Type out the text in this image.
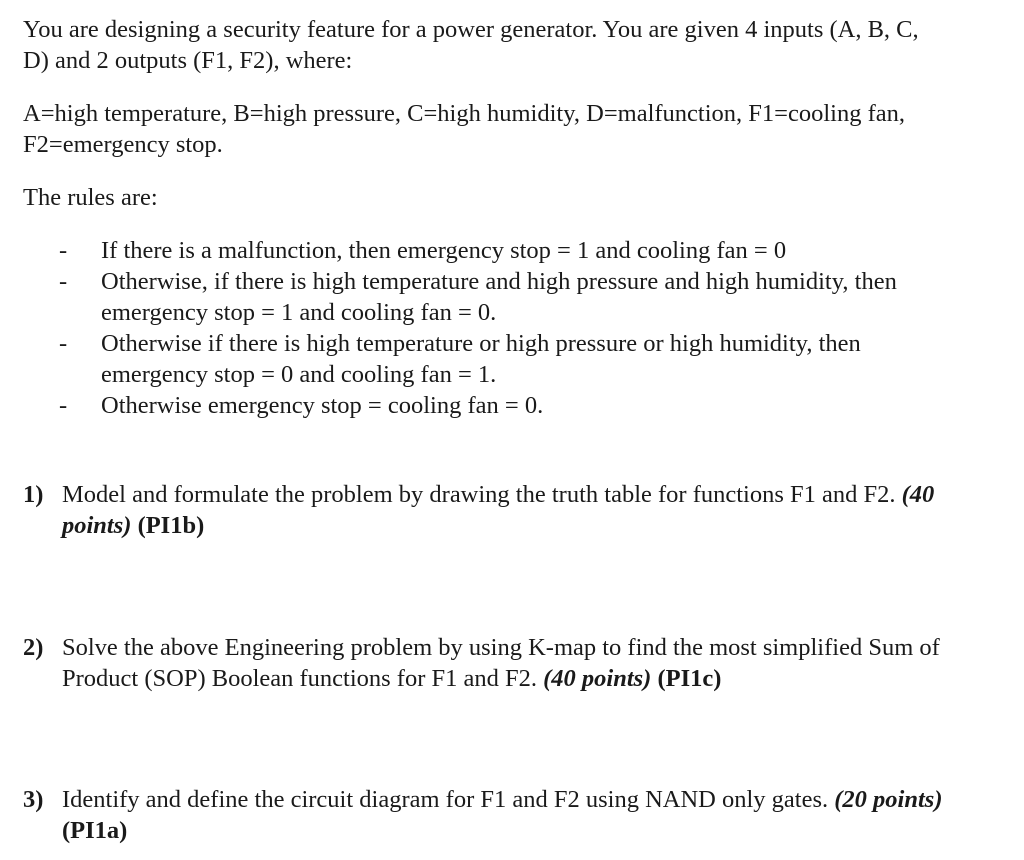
You are designing a security feature for a power generator. You are given 4 inputs (A, B, C,
D) and 2 outputs (F1, F2), where:

A=high temperature, B=high pressure, C=high humidity, D=malfunction, F1=cooling fan,
F2=emergency stop.

The rules are:

- If there is a malfunction, then emergency stop = 1 and cooling fan = 0
- Otherwise, if there is high temperature and high pressure and high humidity, then
emergency stop = 1 and cooling fan = 0.
- Otherwise if there is high temperature or high pressure or high humidity, then
emergency stop = 0 and cooling fan = 1.
- Otherwise emergency stop = cooling fan = 0.
1) Model and formulate the problem by drawing the truth table for functions F1 and F2. (40
points) (PI1b)
2) Solve the above Engineering problem by using K-map to find the most simplified Sum of
Product (SOP) Boolean functions for F1 and F2. (40 points) (PI1c)
3) Identify and define the circuit diagram for F1 and F2 using NAND only gates. (20 points)
(PI1a)
